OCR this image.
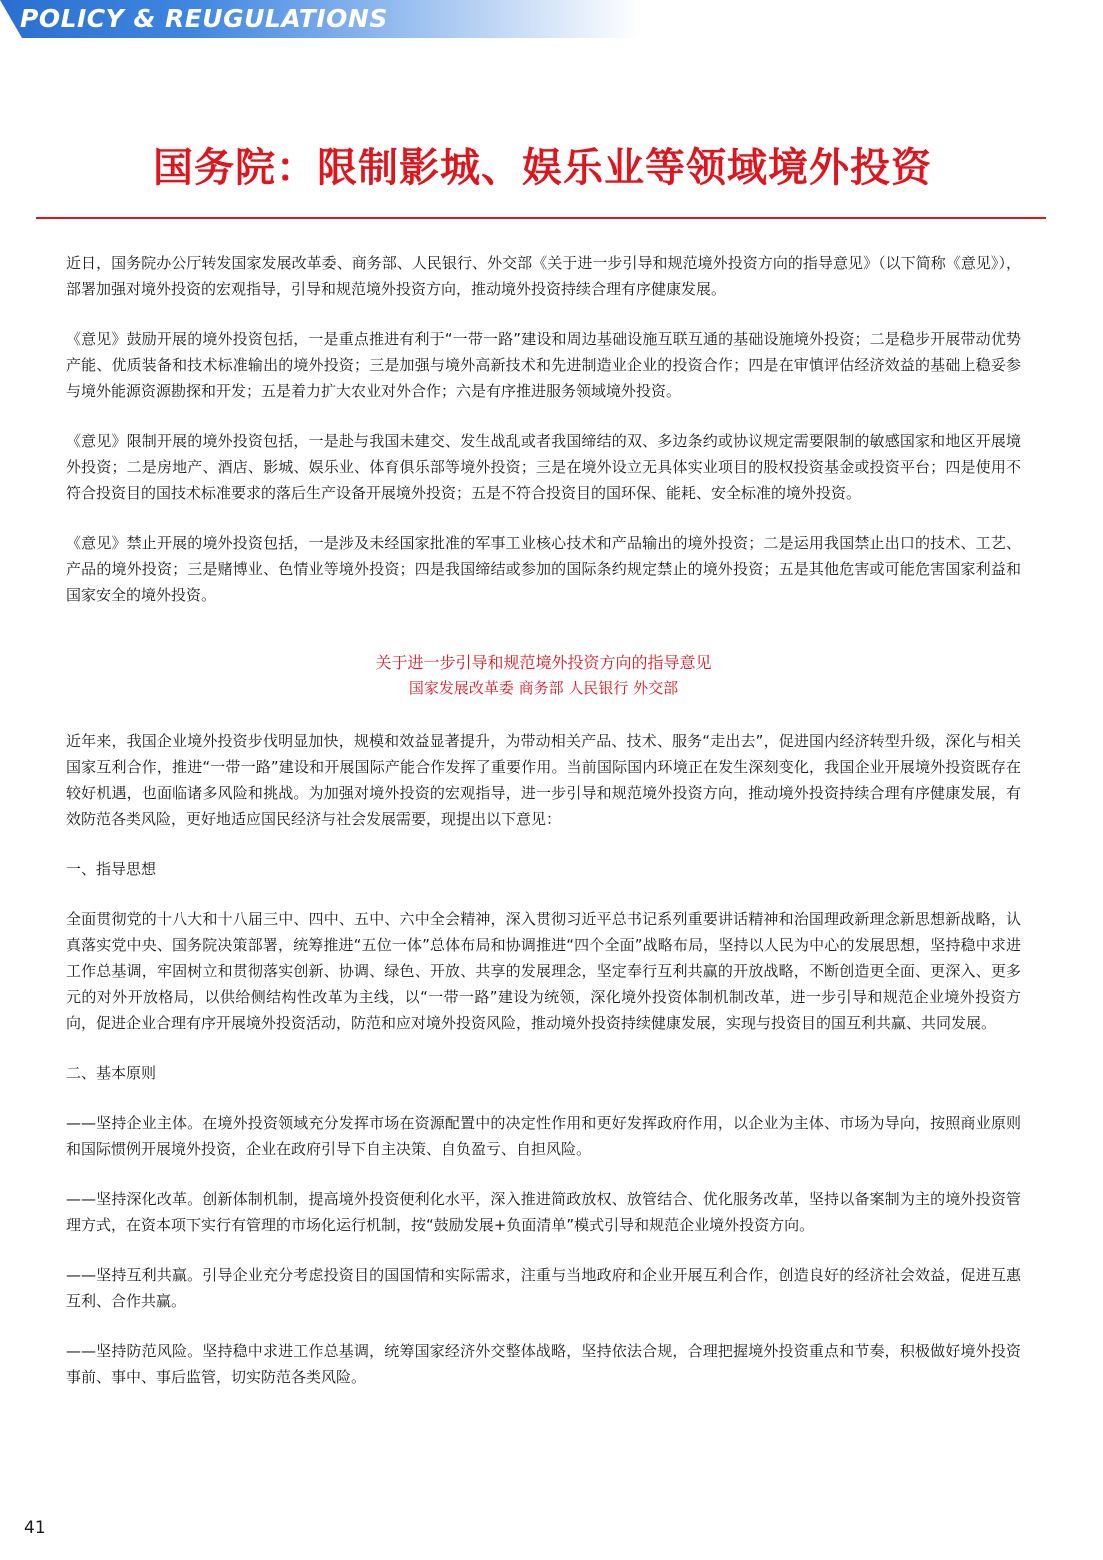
POLICY & REUGULATIONS

国务院：限制影城、娱乐业等领域境外投资

近日，国务院办公厅转发国家发展改革委、商务部、人民银行、外交部《关于进一步引导和规范境外投资方向的指导意见》（以下简称《意见》），部署加强对境外投资的宏观指导，引导和规范境外投资方向，推动境外投资持续合理有序健康发展。

《意见》鼓励开展的境外投资包括，一是重点推进有利于“一带一路”建设和周边基础设施互联互通的基础设施境外投资；二是稳步开展带动优势产能、优质装备和技术标准输出的境外投资；三是加强与境外高新技术和先进制造业企业的投资合作；四是在审慎评估经济效益的基础上稳妥参与境外能源资源勘探和开发；五是着力扩大农业对外合作；六是有序推进服务领域境外投资。

《意见》限制开展的境外投资包括，一是赴与我国未建交、发生战乱或者我国缔结的双、多边条约或协议规定需要限制的敏感国家和地区开展境外投资；二是房地产、酒店、影城、娱乐业、体育俱乐部等境外投资；三是在境外设立无具体实业项目的股权投资基金或投资平台；四是使用不符合投资目的国技术标准要求的落后生产设备开展境外投资；五是不符合投资目的国环保、能耗、安全标准的境外投资。

《意见》禁止开展的境外投资包括，一是涉及未经国家批准的军事工业核心技术和产品输出的境外投资；二是运用我国禁止出口的技术、工艺、产品的境外投资；三是赌博业、色情业等境外投资；四是我国缔结或参加的国际条约规定禁止的境外投资；五是其他危害或可能危害国家利益和国家安全的境外投资。

关于进一步引导和规范境外投资方向的指导意见
国家发展改革委 商务部 人民银行 外交部

近年来，我国企业境外投资步伐明显加快，规模和效益显著提升，为带动相关产品、技术、服务“走出去”，促进国内经济转型升级，深化与相关国家互利合作，推进“一带一路”建设和开展国际产能合作发挥了重要作用。当前国际国内环境正在发生深刻变化，我国企业开展境外投资既存在较好机遇，也面临诸多风险和挑战。为加强对境外投资的宏观指导，进一步引导和规范境外投资方向，推动境外投资持续合理有序健康发展，有效防范各类风险，更好地适应国民经济与社会发展需要，现提出以下意见：

一、指导思想

全面贯彻党的十八大和十八届三中、四中、五中、六中全会精神，深入贯彻习近平总书记系列重要讲话精神和治国理政新理念新思想新战略，认真落实党中央、国务院决策部署，统筹推进“五位一体”总体布局和协调推进“四个全面”战略布局，坚持以人民为中心的发展思想，坚持稳中求进工作总基调，牢固树立和贯彻落实创新、协调、绿色、开放、共享的发展理念，坚定奉行互利共赢的开放战略，不断创造更全面、更深入、更多元的对外开放格局，以供给侧结构性改革为主线，以“一带一路”建设为统领，深化境外投资体制机制改革，进一步引导和规范企业境外投资方向，促进企业合理有序开展境外投资活动，防范和应对境外投资风险，推动境外投资持续健康发展，实现与投资目的国互利共赢、共同发展。

二、基本原则

——坚持企业主体。在境外投资领域充分发挥市场在资源配置中的决定性作用和更好发挥政府作用，以企业为主体、市场为导向，按照商业原则和国际惯例开展境外投资，企业在政府引导下自主决策、自负盈亏、自担风险。

——坚持深化改革。创新体制机制，提高境外投资便利化水平，深入推进简政放权、放管结合、优化服务改革，坚持以备案制为主的境外投资管理方式，在资本项下实行有管理的市场化运行机制，按“鼓励发展+负面清单”模式引导和规范企业境外投资方向。

——坚持互利共赢。引导企业充分考虑投资目的国国情和实际需求，注重与当地政府和企业开展互利合作，创造良好的经济社会效益，促进互惠互利、合作共赢。

——坚持防范风险。坚持稳中求进工作总基调，统筹国家经济外交整体战略，坚持依法合规，合理把握境外投资重点和节奏，积极做好境外投资事前、事中、事后监管，切实防范各类风险。

41
